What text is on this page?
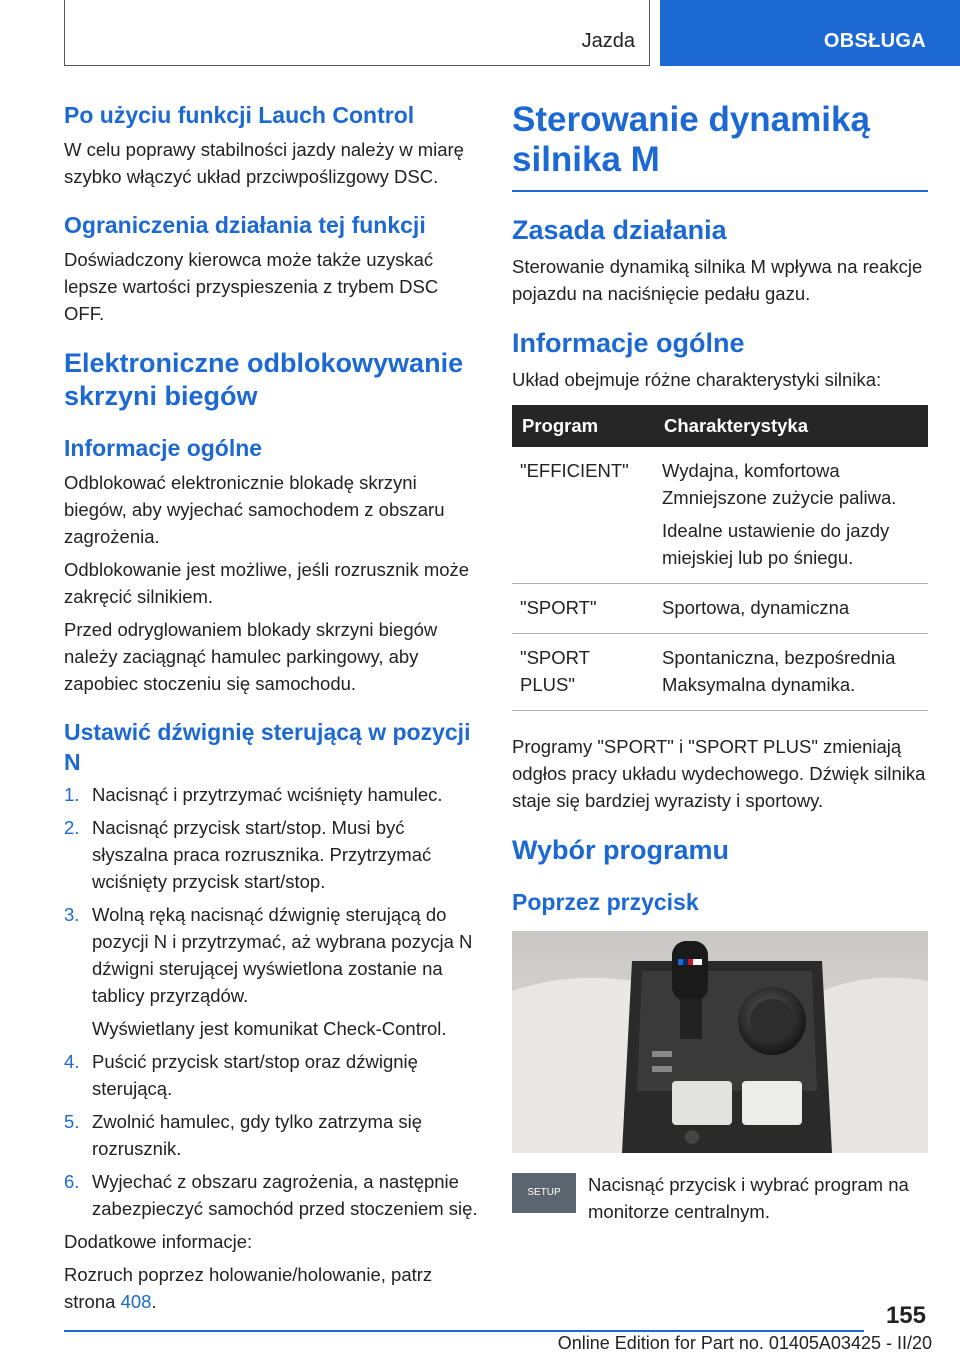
Jazda	OBSŁUGA
Po użyciu funkcji Lauch Control
W celu poprawy stabilności jazdy należy w miarę szybko włączyć układ przciwpoślizgowy DSC.
Ograniczenia działania tej funkcji
Doświadczony kierowca może także uzyskać lepsze wartości przyspieszenia z trybem DSC OFF.
Elektroniczne odblokowywanie skrzyni biegów
Informacje ogólne
Odblokować elektronicznie blokadę skrzyni biegów, aby wyjechać samochodem z obszaru zagrożenia.
Odblokowanie jest możliwe, jeśli rozrusznik może zakręcić silnikiem.
Przed odryglowaniem blokady skrzyni biegów należy zaciągnąć hamulec parkingowy, aby zapobiec stoczeniu się samochodu.
Ustawić dźwignię sterującą w pozycji N
1. Nacisnąć i przytrzymać wciśnięty hamulec.
2. Nacisnąć przycisk start/stop. Musi być słyszalna praca rozrusznika. Przytrzymać wciśnięty przycisk start/stop.
3. Wolną ręką nacisnąć dźwignię sterującą do pozycji N i przytrzymać, aż wybrana pozycja N dźwigni sterującej wyświetlona zostanie na tablicy przyrządów.
Wyświetlany jest komunikat Check-Control.
4. Puścić przycisk start/stop oraz dźwignię sterującą.
5. Zwolnić hamulec, gdy tylko zatrzyma się rozrusznik.
6. Wyjechać z obszaru zagrożenia, a następnie zabezpieczyć samochód przed stoczeniem się.
Dodatkowe informacje:
Rozruch poprzez holowanie/holowanie, patrz strona 408.
Sterowanie dynamiką silnika M
Zasada działania
Sterowanie dynamiką silnika M wpływa na reakcje pojazdu na naciśnięcie pedału gazu.
Informacje ogólne
Układ obejmuje różne charakterystyki silnika:
Program	Charakterystyka
"EFFICIENT"	Wydajna, komfortowa Zmniejszone zużycie paliwa.
Idealne ustawienie do jazdy miejskiej lub po śniegu.

"SPORT"	Sportowa, dynamiczna

"SPORT PLUS"	Spontaniczna, bezpośrednia Maksymalna dynamika.
Programy "SPORT" i "SPORT PLUS" zmieniają odgłos pracy układu wydechowego. Dźwięk silnika staje się bardziej wyrazisty i sportowy.
Wybór programu
Poprzez przycisk
SETUP	Nacisnąć przycisk i wybrać program na monitorze centralnym.
155
Online Edition for Part no. 01405A03425 - II/20
